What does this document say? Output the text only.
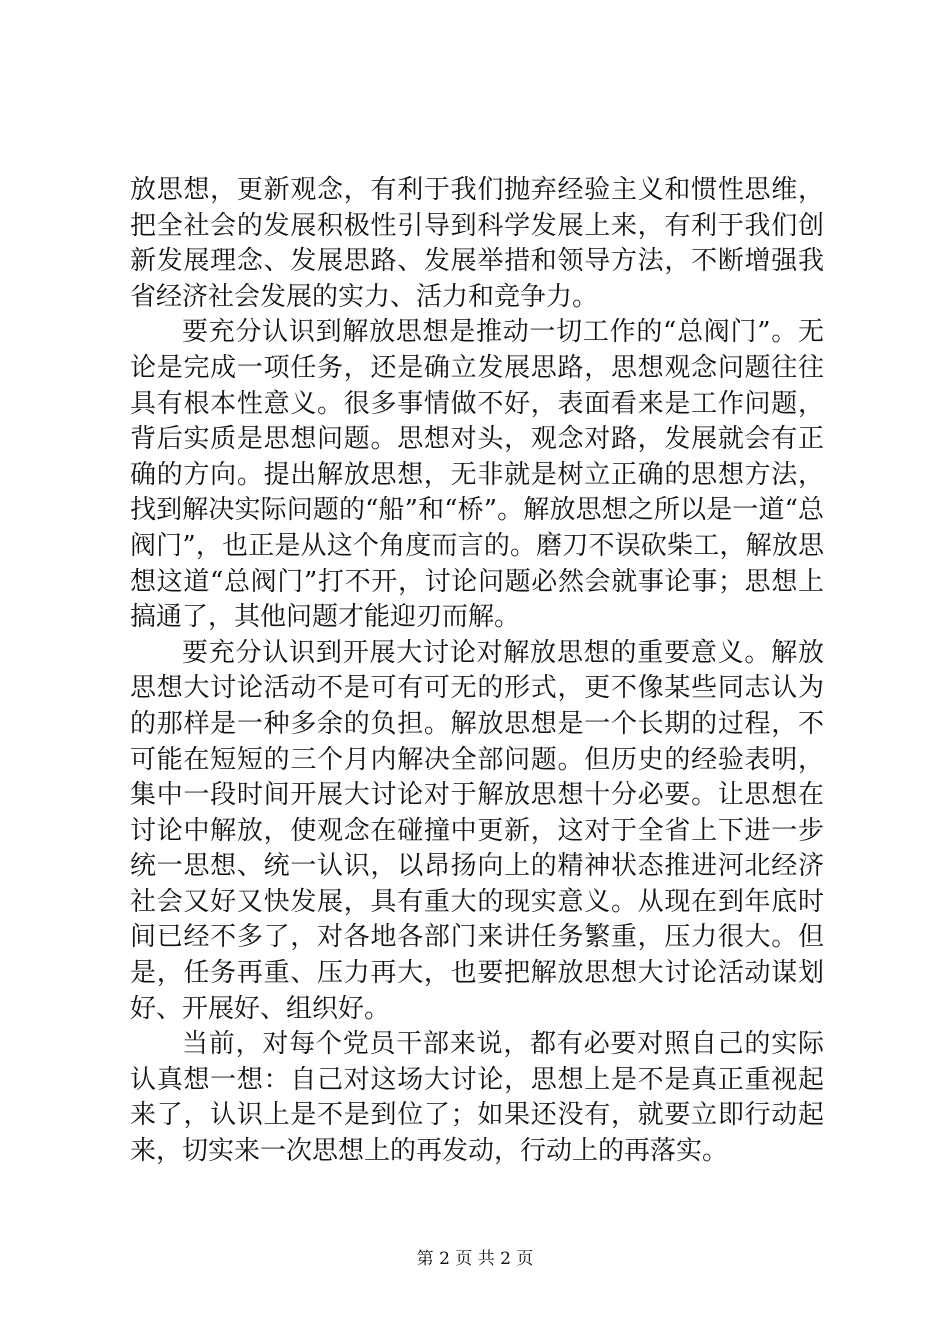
放思想，更新观念，有利于我们抛弃经验主义和惯性思维，把全社会的发展积极性引导到科学发展上来，有利于我们创新发展理念、发展思路、发展举措和领导方法，不断增强我省经济社会发展的实力、活力和竞争力。

要充分认识到解放思想是推动一切工作的“总阀门”。无论是完成一项任务，还是确立发展思路，思想观念问题往往具有根本性意义。很多事情做不好，表面看来是工作问题，背后实质是思想问题。思想对头，观念对路，发展就会有正确的方向。提出解放思想，无非就是树立正确的思想方法，找到解决实际问题的“船”和“桥”。解放思想之所以是一道“总阀门”，也正是从这个角度而言的。磨刀不误砍柴工，解放思想这道“总阀门”打不开，讨论问题必然会就事论事；思想上搞通了，其他问题才能迎刃而解。

要充分认识到开展大讨论对解放思想的重要意义。解放思想大讨论活动不是可有可无的形式，更不像某些同志认为的那样是一种多余的负担。解放思想是一个长期的过程，不可能在短短的三个月内解决全部问题。但历史的经验表明，集中一段时间开展大讨论对于解放思想十分必要。让思想在讨论中解放，使观念在碰撞中更新，这对于全省上下进一步统一思想、统一认识，以昂扬向上的精神状态推进河北经济社会又好又快发展，具有重大的现实意义。从现在到年底时间已经不多了，对各地各部门来讲任务繁重，压力很大。但是，任务再重、压力再大，也要把解放思想大讨论活动谋划好、开展好、组织好。

当前，对每个党员干部来说，都有必要对照自己的实际认真想一想：自己对这场大讨论，思想上是不是真正重视起来了，认识上是不是到位了；如果还没有，就要立即行动起来，切实来一次思想上的再发动，行动上的再落实。

第 2 页 共 2 页
